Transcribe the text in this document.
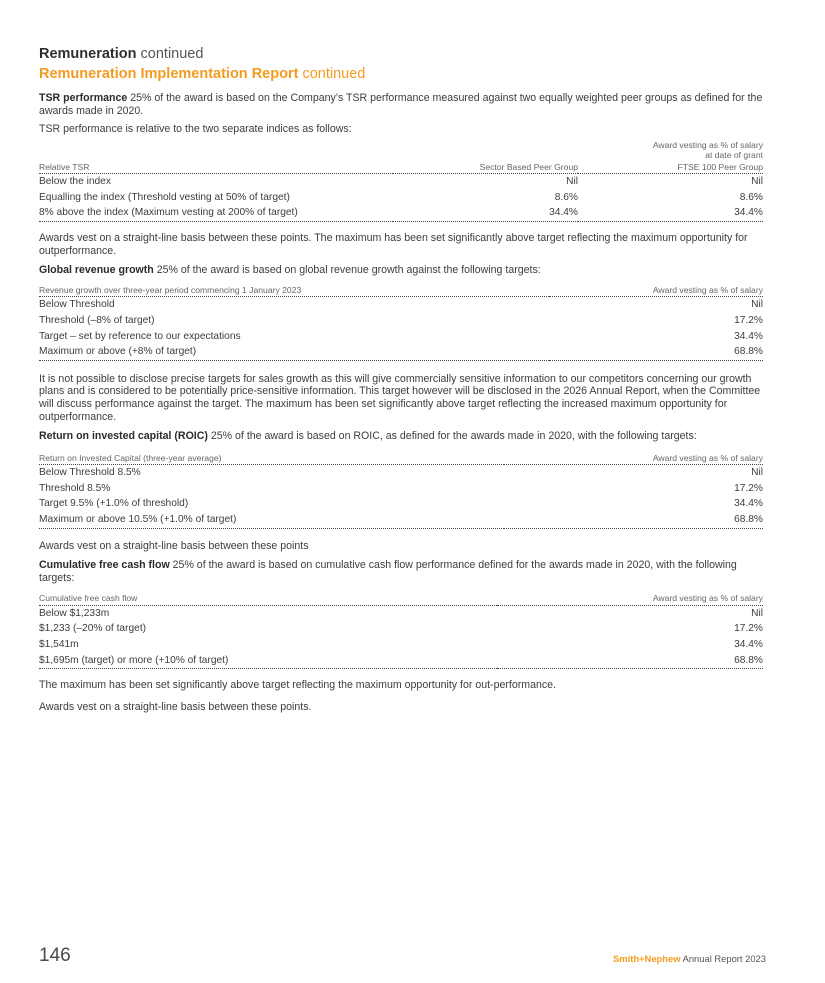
Remuneration continued
Remuneration Implementation Report continued

TSR performance 25% of the award is based on the Company’s TSR performance measured against two equally weighted peer groups as defined for the awards made in 2020.

TSR performance is relative to the two separate indices as follows:

		Award vesting as % of salary
at date of grant
Relative TSR	Sector Based Peer Group	FTSE 100 Peer Group
Below the index	Nil	Nil
Equalling the index (Threshold vesting at 50% of target)	8.6%	8.6%
8% above the index (Maximum vesting at 200% of target)	34.4%	34.4%

Awards vest on a straight-line basis between these points. The maximum has been set significantly above target reflecting the maximum opportunity for outperformance.

Global revenue growth 25% of the award is based on global revenue growth against the following targets:

Revenue growth over three-year period commencing 1 January 2023	Award vesting as % of salary
Below Threshold	Nil
Threshold (–8% of target)	17.2%
Target – set by reference to our expectations	34.4%
Maximum or above (+8% of target)	68.8%

It is not possible to disclose precise targets for sales growth as this will give commercially sensitive information to our competitors concerning our growth plans and is considered to be potentially price-sensitive information. This target however will be disclosed in the 2026 Annual Report, when the Committee will discuss performance against the target. The maximum has been set significantly above target reflecting the increased maximum opportunity for outperformance.

Return on invested capital (ROIC) 25% of the award is based on ROIC, as defined for the awards made in 2020, with the following targets:

Return on Invested Capital (three-year average)	Award vesting as % of salary
Below Threshold 8.5%	Nil
Threshold 8.5%	17.2%
Target 9.5% (+1.0% of threshold)	34.4%
Maximum or above 10.5% (+1.0% of target)	68.8%

Awards vest on a straight-line basis between these points

Cumulative free cash flow 25% of the award is based on cumulative cash flow performance defined for the awards made in 2020, with the following targets:

Cumulative free cash flow	Award vesting as % of salary
Below $1,233m	Nil
$1,233 (–20% of target)	17.2%
$1,541m	34.4%
$1,695m (target) or more (+10% of target)	68.8%

The maximum has been set significantly above target reflecting the maximum opportunity for out-performance.

Awards vest on a straight-line basis between these points.

146	Smith+Nephew Annual Report 2023
